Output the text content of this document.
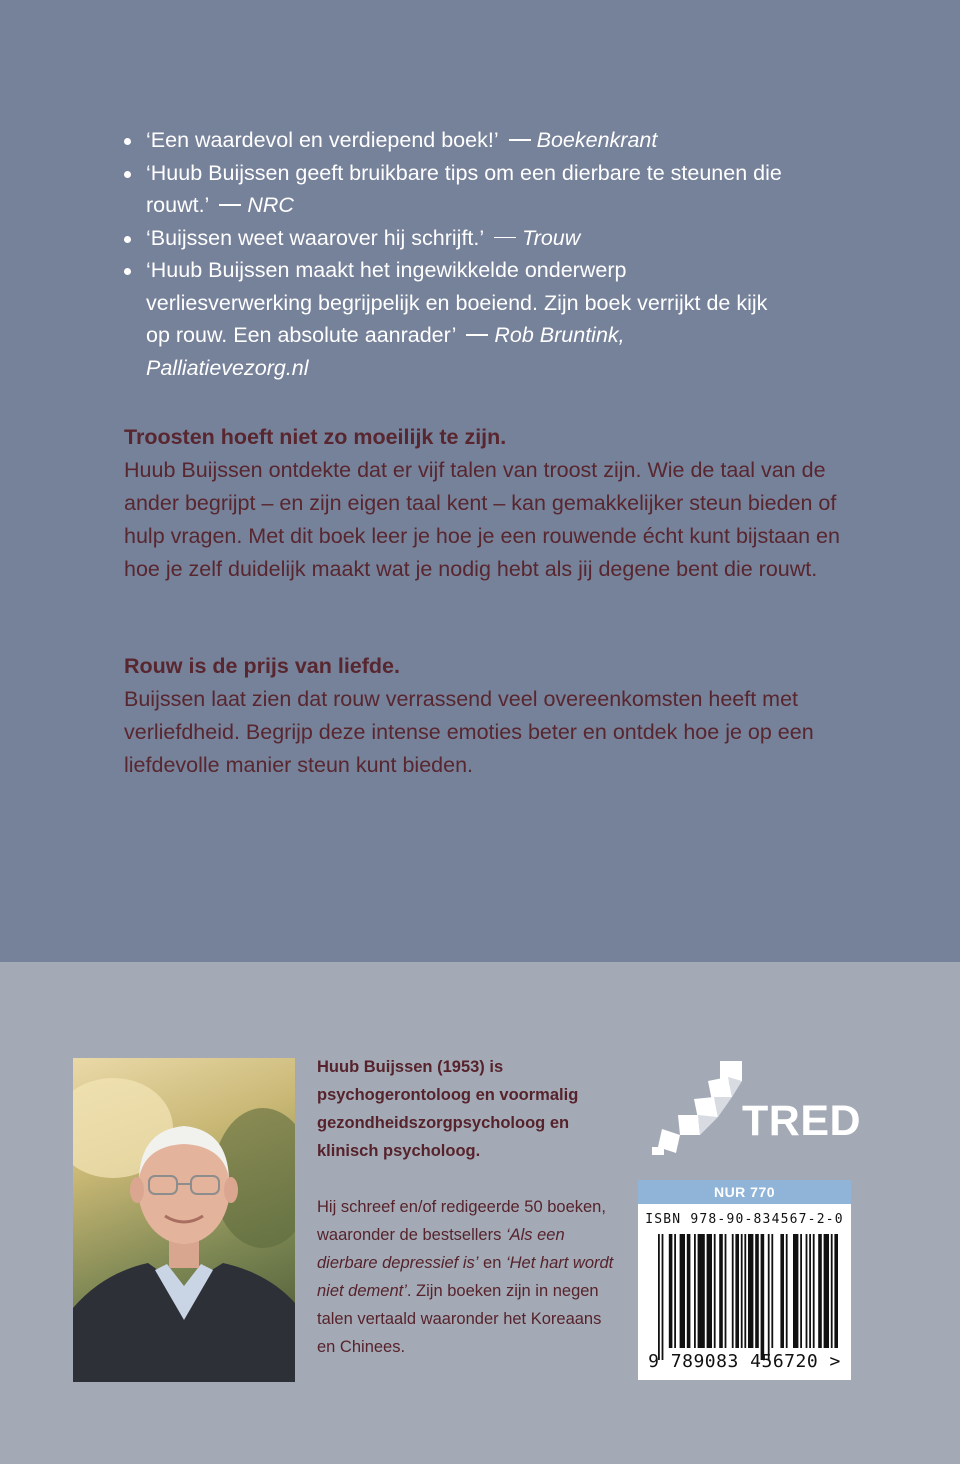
‘Een waardevol en verdiepend boek!’ Boekenkrant
‘Huub Buijssen geeft bruikbare tips om een dierbare te steunen die rouwt.’ NRC
‘Buijssen weet waarover hij schrijft.’ Trouw
‘Huub Buijssen maakt het ingewikkelde onderwerp verliesverwerking begrijpelijk en boeiend. Zijn boek verrijkt de kijk op rouw. Een absolute aanrader’ Rob Bruntink, Palliatievezorg.nl

Troosten hoeft niet zo moeilijk te zijn.
Huub Buijssen ontdekte dat er vijf talen van troost zijn. Wie de taal van de ander begrijpt – en zijn eigen taal kent – kan gemakkelijker steun bieden of hulp vragen. Met dit boek leer je hoe je een rouwende écht kunt bijstaan en hoe je zelf duidelijk maakt wat je nodig hebt als jij degene bent die rouwt.

Rouw is de prijs van liefde.
Buijssen laat zien dat rouw verrassend veel overeenkomsten heeft met verliefdheid. Begrijp deze intense emoties beter en ontdek hoe je op een liefdevolle manier steun kunt bieden.

Huub Buijssen (1953) is psychogerontoloog en voormalig gezondheidszorgpsycholoog en klinisch psycholoog.

Hij schreef en/of redigeerde 50 boeken, waaronder de bestsellers ‘Als een dierbare depressief is’ en ‘Het hart wordt niet dement’. Zijn boeken zijn in negen talen vertaald waaronder het Koreaans en Chinees.

TRED
NUR 770
ISBN 978-90-834567-2-0
9 789083 456720 >
